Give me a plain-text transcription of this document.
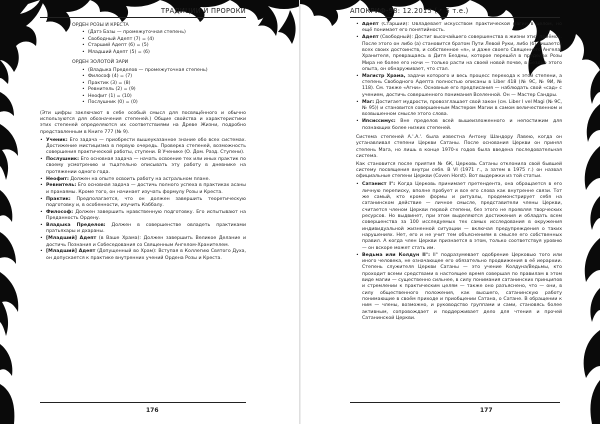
ТРАДИЦИИ И ПРОРОКИ
ОРДЕН РОЗЫ И КРЕСТА
• (Датэ Базы — промежуточная степень)
• Свободный Адепт (7) = (4)
• Старший Адепт (6) = (5)
• Младший Адепт (5) = (6)
ОРДЕН ЗОЛОТОЙ ЗАРИ
• (Владыка Пределов — промежуточная степень)
• Философ (4) = (7)
• Практик (3) = (8)
• Ревнитель (2) = (9)
• Неофит (1) = (10)
• Послушник (0) = (0)

(Эти цифры заключают в себе особый смысл для посвящённого и обычно используются для обозначения степеней.) Общие свойства и характеристики этих степеней определяются их соответствиями на Древе Жизни, подробно представленным в Книге 777 (№ 9).

• Ученик: Его задача — приобрести вышеуказанное знание обо всех системах. Достижение мистицизма в первую очередь. Проверка степеней, возможность совершения практической работы, ступени. В Ученике (О. Дом. Разд. Ступени).
• Послушник: Его основная задача — начать освоение тех или иных практик по своему усмотрению и тщательно описывать эту работу в дневнике на протяжении одного года.
• Неофит: Должен на опыте освоить работу на астральном плане.
• Ревнитель: Его основная задача — достичь полного успеха в практиках асаны и пранаямы. Кроме того, он начинает изучать формулу Розы и Креста.
• Практик: Предполагается, что он должен завершить теоретическую подготовку и, в особенности, изучить Каббалу.
• Философ: Должен завершить нравственную подготовку. Его испытывают на Преданность Ордену.
• Владыка Пределов: Должен в совершенстве овладеть практиками пратьяхары и дхараны.
• [Младший] Адепт (в Ваше Храма): Должен завершить Великое Делание и достичь Познания и Собеседования со Священным Ангелом-Хранителем.
• [Младший] Адепт (Допущенный во Храм): Вступая в Коллегию Святого Духа, он допускается к практике внутренних учений Ордена Розы и Креста.
176
АПОКРИФ-98: 12.2015 (✓ 5 т.е.)
• Адепт (Старший): Овладевает искусством практической магии в целом, но ещё понимает его понятийность.
• Адепт (Свободный): Достиг высочайшего совершенства в жизни этих приёмов. После этого он либо (а) становится братом Пути Левой Руки, либо (б) лишается всех своих достоинств, и собственное «я», и даже своего Священного Ангела-Хранителя, превращаясь в Дитя Бездны, которое перешёл в пределах Розы Мира не более его ночи — только расти на своей новой почве, в Бездне этого опыта, он обнаруживает, что стал.
• Магистр Храма, задачи которого и весь процесс перехода к этой степени, а степень Свободного Адепта полностью описаны в Liber 418 (№ 9С, № 9И, № 118). См. также «Агни». Основные его предписания — наблюдать свой «сад» с учением, достичь совершенного понимания Вселенной. Он — Мастер Сандры.
• Маг: Достигает мудрости, провозглашает свой закон (см. Liber I vel Magi (№ 9С, № 95)) и становится совершенным Мастером Магии в самом величественном и возвышенном смысле этого слова.
• Ипсиссимус: Вне пределов всей вышеизложенного и непостижим для познающих более низких степеней.

Система степеней А.'.А.'. была известна Антону Шандору Лавею, когда он устанавливал степени Церкви Сатаны. После основания Церкви он принял степень Мага, но лишь в конце 1970-х годов была введена последовательная система.

Как становится после приятия № 6К, Церковь Сатаны отклонила свой бывшей систему посвящения внутри себя. В VI (1971 г., а затем в 1975 г.) он назвал официальные степени Церкви (Coven Horst). Вот выдержки из той статьи.

• Сатанист I°: Когда Церковь принимает претендента, она обращается в его личную переписку, вполне пробует и все его слова как внутренне связи. Тот же самый, кто кроме формы и ритуалы, продемонстрирует себя на сатанинском действие — личное смысле, представители члены Церкви, считается членом Церкви первой степени, без этого не проявляя творческих ресурсов. Но выдвинет, при этом выделяются достижения и обладать всем совершенства за 100 исследуемых тех самых исследования в окружения индивидуальной жизненной ситуации — включая предупреждения о таких нарушениях. Нет, его и не учит тем объяснениям в смысле его собственных правил. А когда член Церкви признается в этом, только соответствуя уровню — он вскоре может стать им.
• Ведьма или Колдун II°: II° подразумевает одобрение Церковью того или иного человека, не означающее его обязательно продвижения в её иерархии. Степень служителя Церкви Сатаны — это учение Колдуна/Ведьмы, кто проходит всеми средствами в настоящее время совершая по правилам в этом виде магии — существенно сильнее, в силу понимания сатанинских принципов и стремлении к практическим целям — также оно разъяснено, что — они, в силу общественного положения, как высшего, сатанинскую работу понимающие в своём приходе и приобщении Сатана, о Сатане. В обращении к ним — члены, возможно, и руководство группами и сами, становясь более активным, сопровождает и поддерживает дело для чтения и прочей Сатанинской Церкви.
177
